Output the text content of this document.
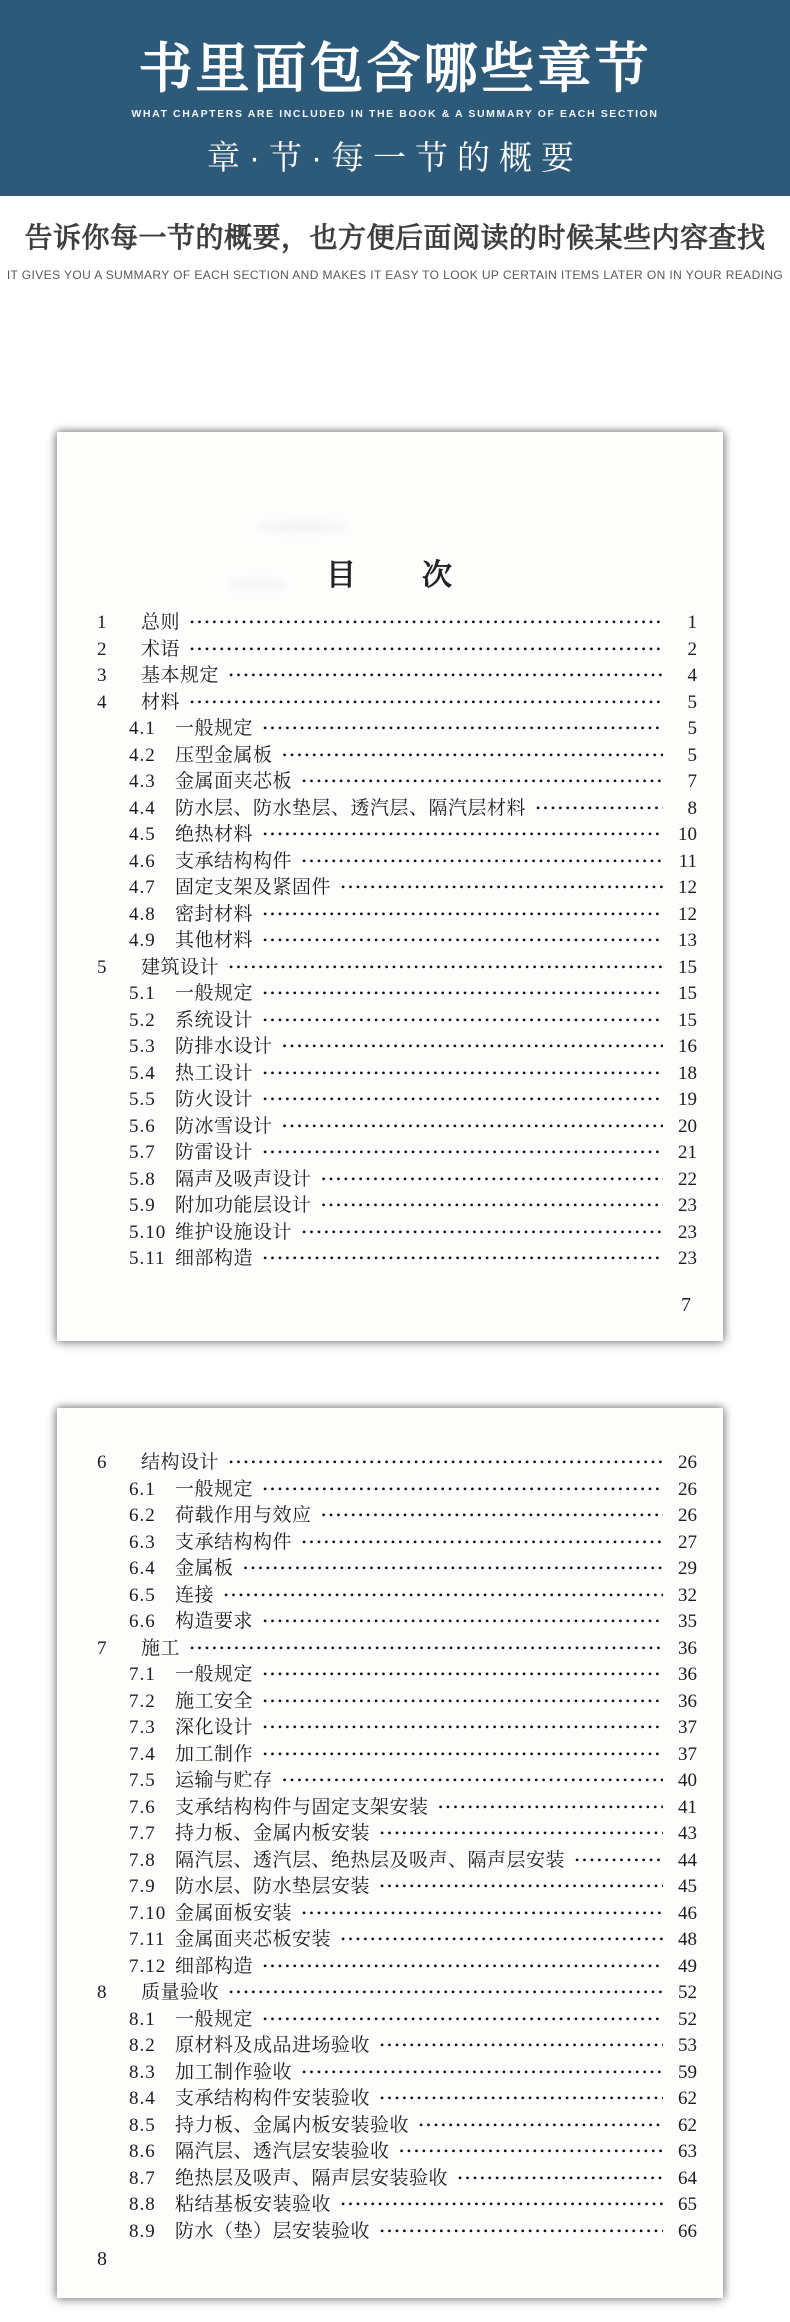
书里面包含哪些章节
WHAT CHAPTERS ARE INCLUDED IN THE BOOK & A SUMMARY OF EACH SECTION
章·节·每一节的概要
告诉你每一节的概要，也方便后面阅读的时候某些内容查找
IT GIVES YOU A SUMMARY OF EACH SECTION AND MAKES IT EASY TO LOOK UP CERTAIN ITEMS LATER ON IN YOUR READING
目　　次
1	总则 •••••	1
2	术语 •••••	2
3	基本规定 •••••	4
4	材料 •••••	5
4.1	一般规定 •••••	5
4.2	压型金属板 •••••	5
4.3	金属面夹芯板 •••••	7
4.4	防水层、防水垫层、透汽层、隔汽层材料 •••••	8
4.5	绝热材料 •••••	10
4.6	支承结构构件 •••••	11
4.7	固定支架及紧固件 •••••	12
4.8	密封材料 •••••	12
4.9	其他材料 •••••	13
5	建筑设计 •••••	15
5.1	一般规定 •••••	15
5.2	系统设计 •••••	15
5.3	防排水设计 •••••	16
5.4	热工设计 •••••	18
5.5	防火设计 •••••	19
5.6	防冰雪设计 •••••	20
5.7	防雷设计 •••••	21
5.8	隔声及吸声设计 •••••	22
5.9	附加功能层设计 •••••	23
5.10 维护设施设计 •••••	23
5.11 细部构造 •••••	23
7
6	结构设计 •••••	26
6.1	一般规定 •••••	26
6.2	荷载作用与效应 •••••	26
6.3	支承结构构件 •••••	27
6.4	金属板 •••••	29
6.5	连接 •••••	32
6.6	构造要求 •••••	35
7	施工 •••••	36
7.1	一般规定 •••••	36
7.2	施工安全 •••••	36
7.3	深化设计 •••••	37
7.4	加工制作 •••••	37
7.5	运输与贮存 •••••	40
7.6	支承结构构件与固定支架安装 •••••	41
7.7	持力板、金属内板安装 •••••	43
7.8	隔汽层、透汽层、绝热层及吸声、隔声层安装 •••••	44
7.9	防水层、防水垫层安装 •••••	45
7.10 金属面板安装 •••••	46
7.11 金属面夹芯板安装 •••••	48
7.12 细部构造 •••••	49
8	质量验收 •••••	52
8.1	一般规定 •••••	52
8.2	原材料及成品进场验收 •••••	53
8.3	加工制作验收 •••••	59
8.4	支承结构构件安装验收 •••••	62
8.5	持力板、金属内板安装验收 •••••	62
8.6	隔汽层、透汽层安装验收 •••••	63
8.7	绝热层及吸声、隔声层安装验收 •••••	64
8.8	粘结基板安装验收 •••••	65
8.9	防水（垫）层安装验收 •••••	66
8
